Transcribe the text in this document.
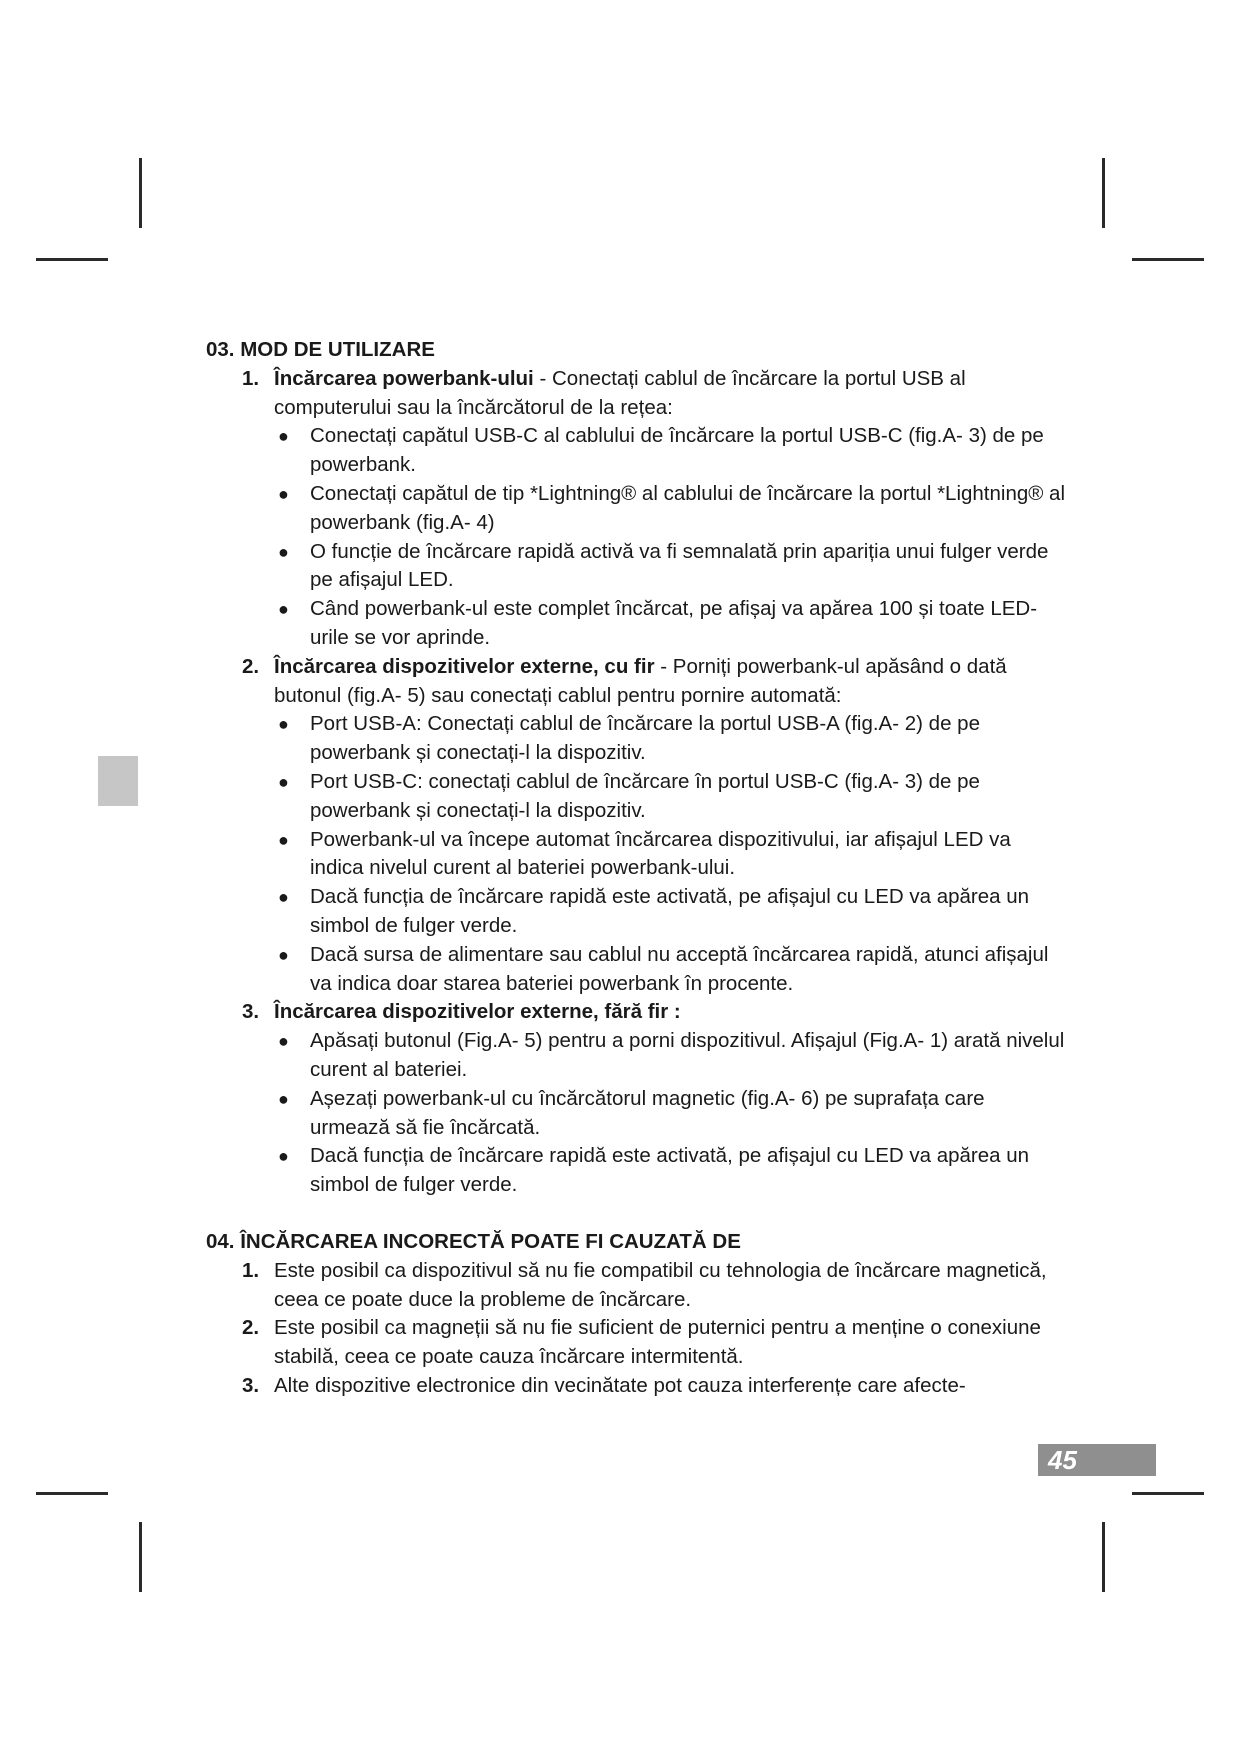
03. MOD DE UTILIZARE
1. Încărcarea powerbank-ului - Conectați cablul de încărcare la portul USB al computerului sau la încărcătorul de la rețea:
●	Conectați capătul USB-C al cablului de încărcare la portul USB-C (fig.A- 3) de pe powerbank.
●	Conectați capătul de tip *Lightning® al cablului de încărcare la portul *Lightning® al powerbank (fig.A- 4)
●	O funcție de încărcare rapidă activă va fi semnalată prin apariția unui fulger verde pe afișajul LED.
●	Când powerbank-ul este complet încărcat, pe afișaj va apărea 100 și toate LED-urile se vor aprinde.
2. Încărcarea dispozitivelor externe, cu fir - Porniți powerbank-ul apăsând o dată butonul (fig.A- 5) sau conectați cablul pentru pornire automată:
●	Port USB-A: Conectați cablul de încărcare la portul USB-A (fig.A- 2) de pe powerbank și conectați-l la dispozitiv.
●	Port USB-C: conectați cablul de încărcare în portul USB-C (fig.A- 3) de pe powerbank și conectați-l la dispozitiv.
●	Powerbank-ul va începe automat încărcarea dispozitivului, iar afișajul LED va indica nivelul curent al bateriei powerbank-ului.
●	Dacă funcția de încărcare rapidă este activată, pe afișajul cu LED va apărea un simbol de fulger verde.
●	Dacă sursa de alimentare sau cablul nu acceptă încărcarea rapidă, atunci afișajul va indica doar starea bateriei powerbank în procente.
3. Încărcarea dispozitivelor externe, fără fir :
●	Apăsați butonul (Fig.A- 5) pentru a porni dispozitivul. Afișajul (Fig.A- 1) arată nivelul curent al bateriei.
●	Așezați powerbank-ul cu încărcătorul magnetic (fig.A- 6) pe suprafața care urmează să fie încărcată.
●	Dacă funcția de încărcare rapidă este activată, pe afișajul cu LED va apărea un simbol de fulger verde.
04. ÎNCĂRCAREA INCORECTĂ POATE FI CAUZATĂ DE
1. Este posibil ca dispozitivul să nu fie compatibil cu tehnologia de încărcare magnetică, ceea ce poate duce la probleme de încărcare.
2. Este posibil ca magneții să nu fie suficient de puternici pentru a menține o conexiune stabilă, ceea ce poate cauza încărcare intermitentă.
3. Alte dispozitive electronice din vecinătate pot cauza interferențe care afecte-
45
